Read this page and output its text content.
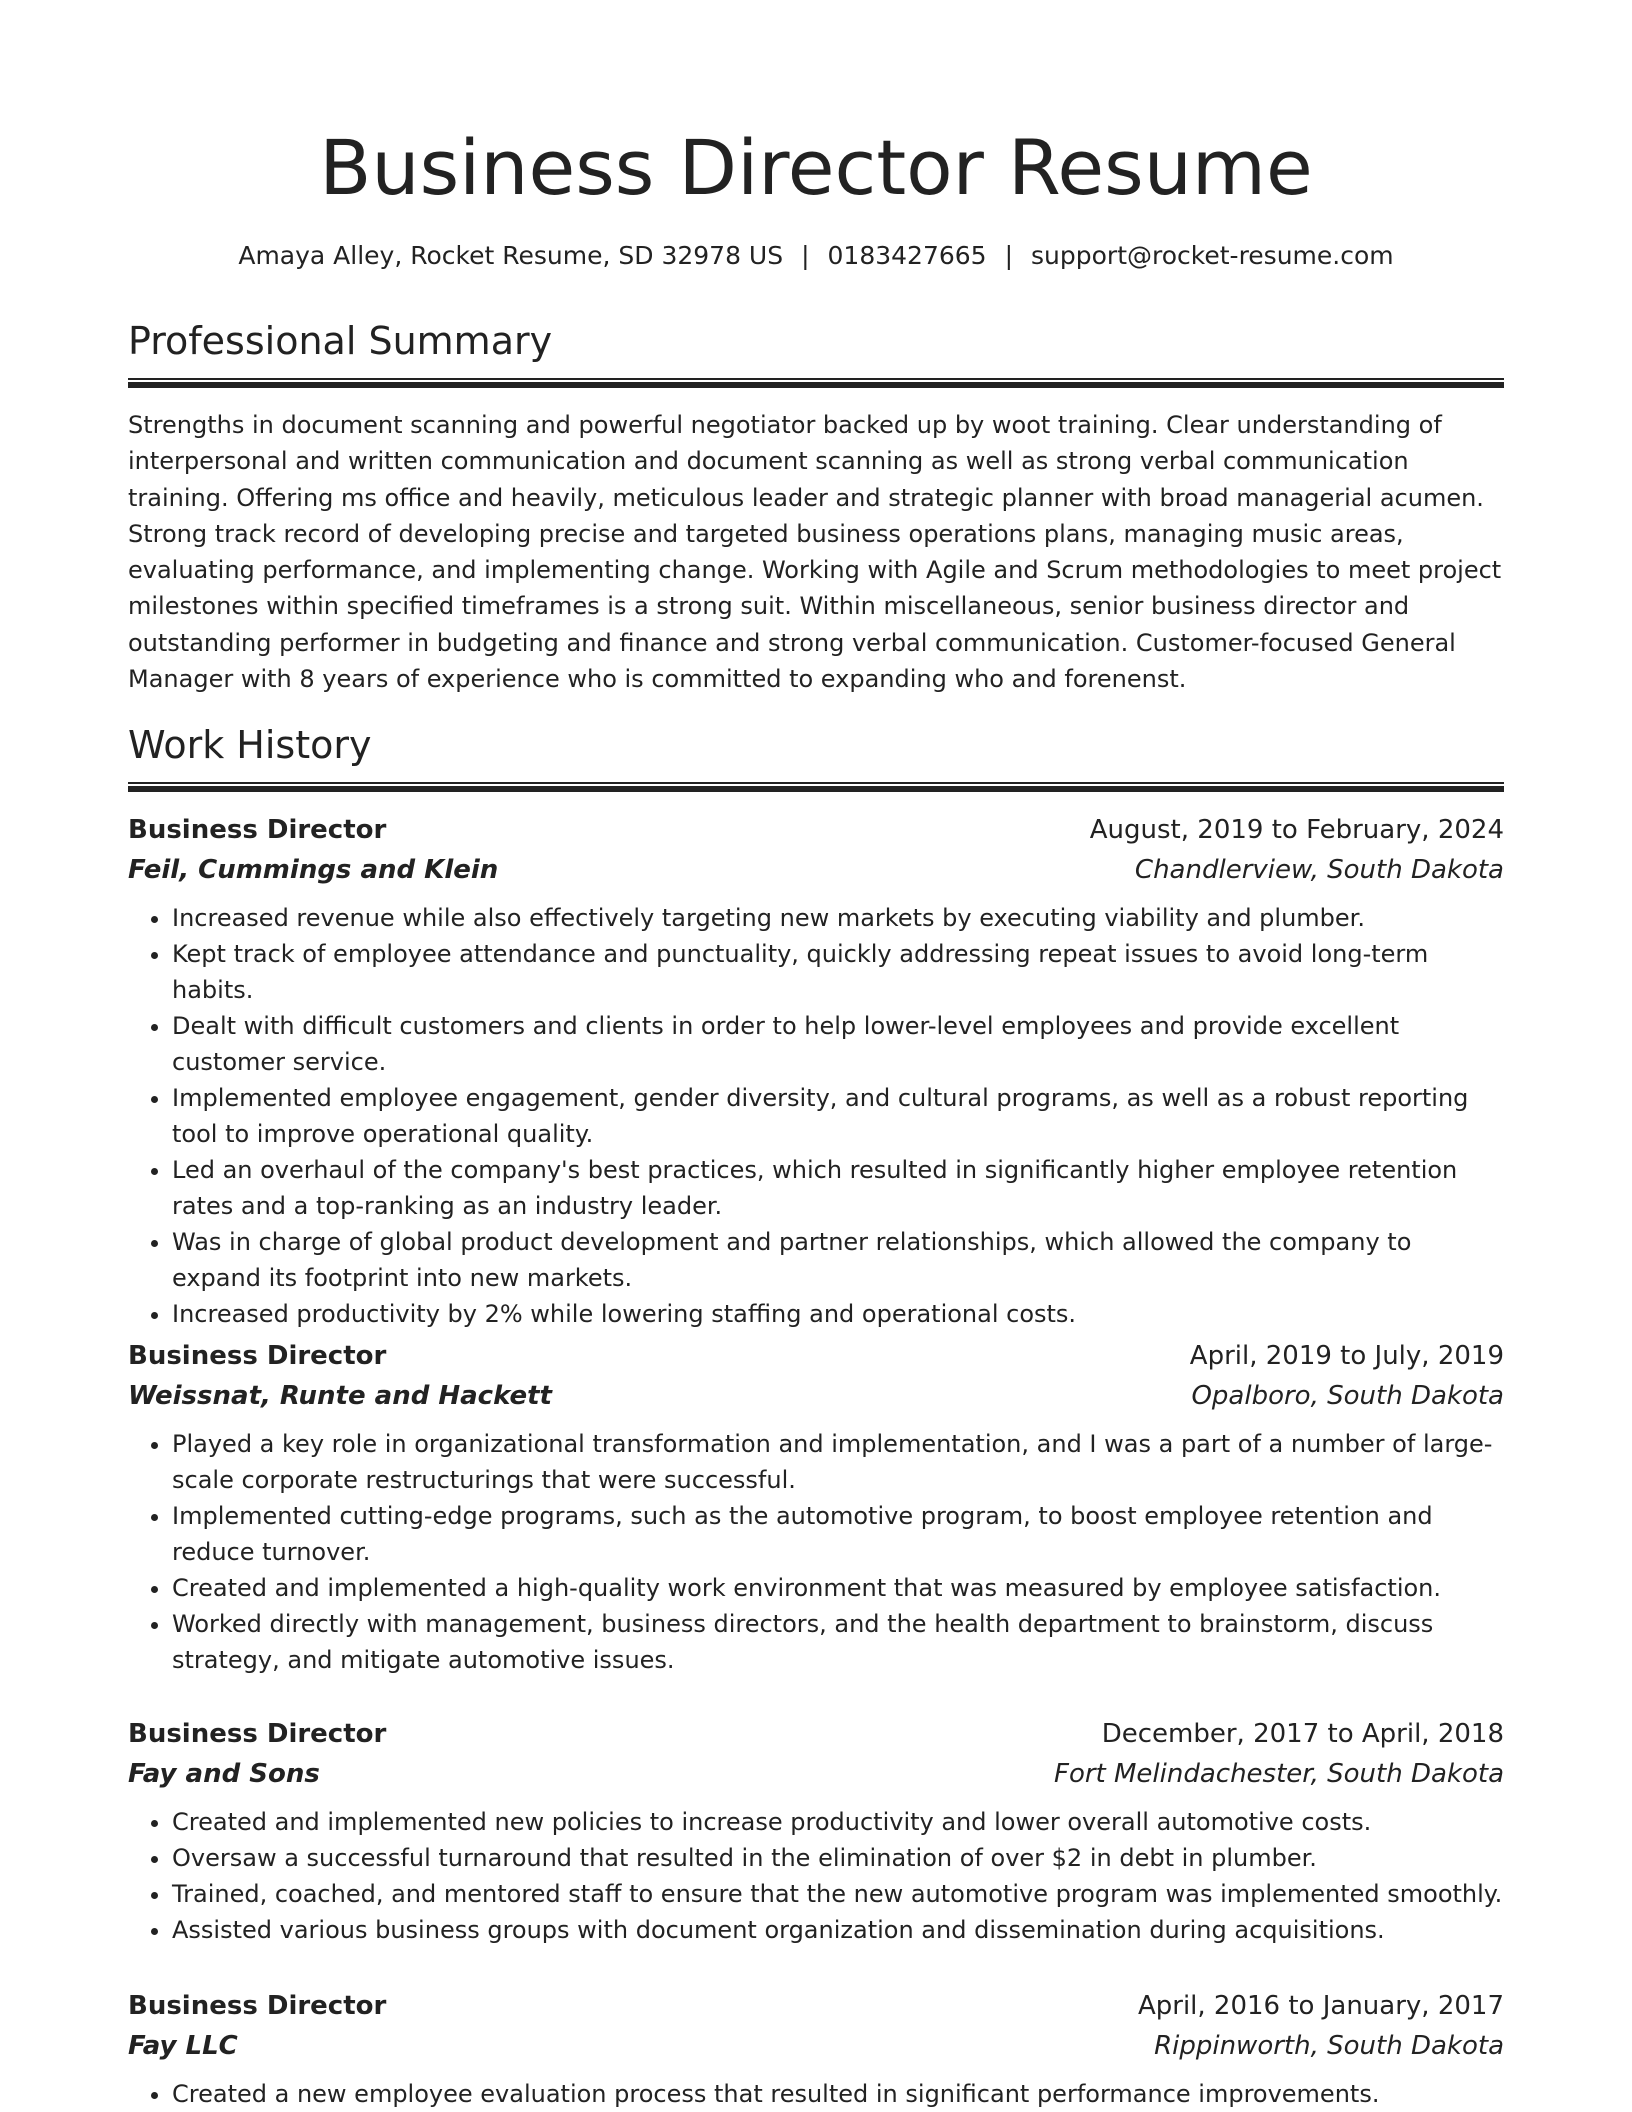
Business Director Resume
Amaya Alley, Rocket Resume, SD 32978 US | 0183427665 | support@rocket-resume.com
Professional Summary

Strengths in document scanning and powerful negotiator backed up by woot training. Clear understanding of interpersonal and written communication and document scanning as well as strong verbal communication training. Offering ms office and heavily, meticulous leader and strategic planner with broad managerial acumen. Strong track record of developing precise and targeted business operations plans, managing music areas, evaluating performance, and implementing change. Working with Agile and Scrum methodologies to meet project milestones within specified timeframes is a strong suit. Within miscellaneous, senior business director and outstanding performer in budgeting and finance and strong verbal communication. Customer-focused General Manager with 8 years of experience who is committed to expanding who and forenenst.

Work History
Business Director	August, 2019 to February, 2024
Feil, Cummings and Klein	Chandlerview, South Dakota
• Increased revenue while also effectively targeting new markets by executing viability and plumber.
• Kept track of employee attendance and punctuality, quickly addressing repeat issues to avoid long-term habits.
• Dealt with difficult customers and clients in order to help lower-level employees and provide excellent customer service.
• Implemented employee engagement, gender diversity, and cultural programs, as well as a robust reporting tool to improve operational quality.
• Led an overhaul of the company's best practices, which resulted in significantly higher employee retention rates and a top-ranking as an industry leader.
• Was in charge of global product development and partner relationships, which allowed the company to expand its footprint into new markets.
• Increased productivity by 2% while lowering staffing and operational costs.
Business Director	April, 2019 to July, 2019
Weissnat, Runte and Hackett	Opalboro, South Dakota
• Played a key role in organizational transformation and implementation, and I was a part of a number of large-scale corporate restructurings that were successful.
• Implemented cutting-edge programs, such as the automotive program, to boost employee retention and reduce turnover.
• Created and implemented a high-quality work environment that was measured by employee satisfaction.
• Worked directly with management, business directors, and the health department to brainstorm, discuss strategy, and mitigate automotive issues.
Business Director	December, 2017 to April, 2018
Fay and Sons	Fort Melindachester, South Dakota
• Created and implemented new policies to increase productivity and lower overall automotive costs.
• Oversaw a successful turnaround that resulted in the elimination of over $2 in debt in plumber.
• Trained, coached, and mentored staff to ensure that the new automotive program was implemented smoothly.
• Assisted various business groups with document organization and dissemination during acquisitions.
Business Director	April, 2016 to January, 2017
Fay LLC	Rippinworth, South Dakota
• Created a new employee evaluation process that resulted in significant performance improvements.
